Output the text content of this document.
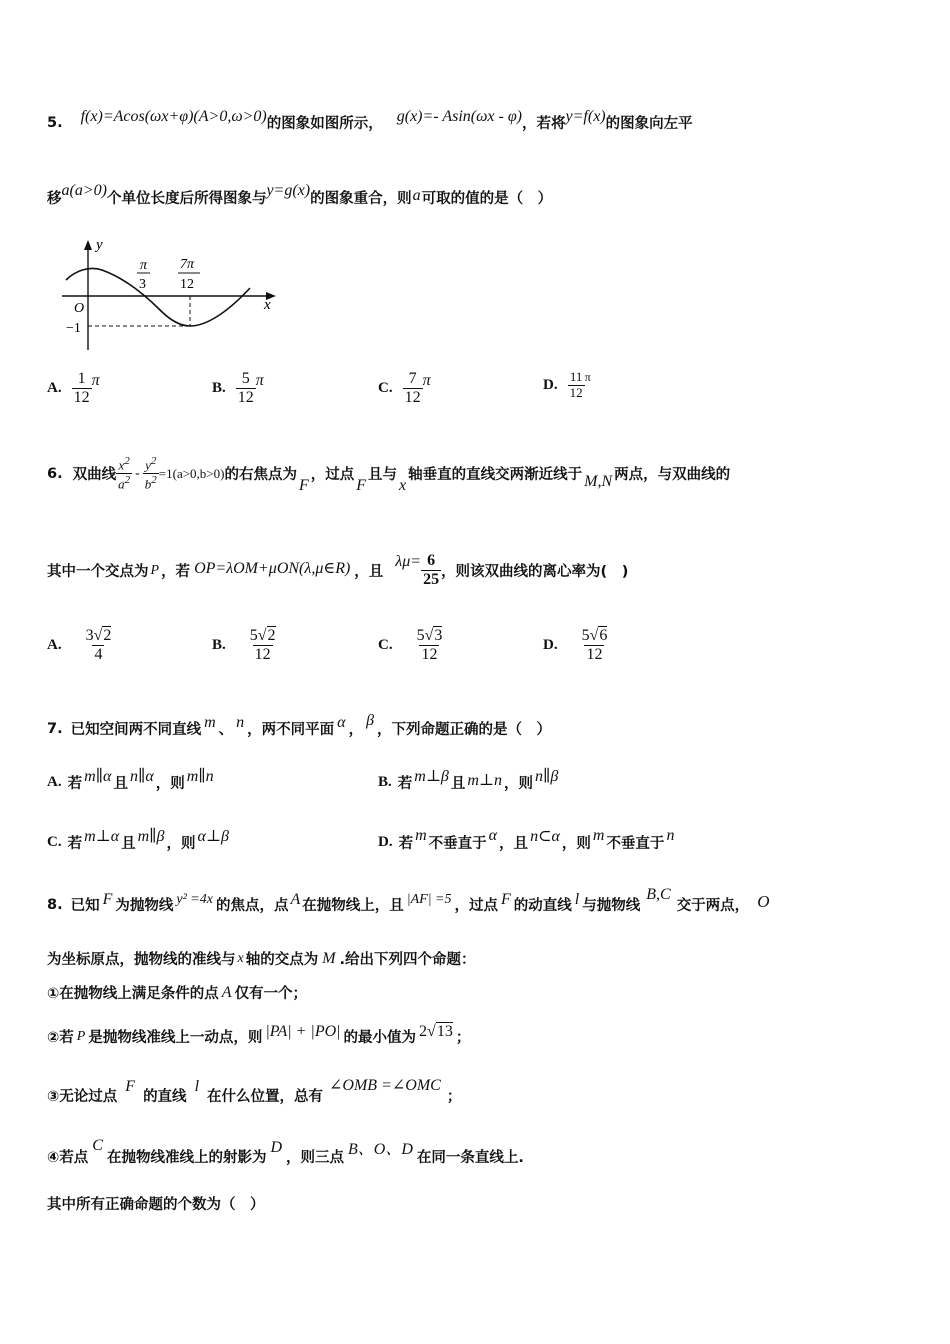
5. f(x)=Acos(ωx+φ)(A>0,ω>0) 的图象如图所示， g(x)=- Asin(ωx - φ) ，若将 y=f(x) 的图象向左平
移
a(a>0)
个单位长度后所得图象与
y=g(x)
的图象重合，则 a 可取的值的是（　）
y
x
O
−1
π
3
7π
12
A. $\frac{1}{12}$ π	B. $\frac{5}{12}$ π	C. $\frac{7}{12}$ π	D. $\frac{11}{12}$ π
6. 双曲线 $\frac{x^2}{a^2} - \frac{y^2}{b^2} =1(a>0,b>0)$ 的右焦点为
F
，过点
F
且与
x
轴垂直的直线交两渐近线于 M,N 两点，与双曲线的
其中一个交点为 P ，若 OP=λOM+μON(λ,μ∈R) ，且
$\lambda\mu= \frac{6}{25}$ ，则该双曲线的离心率为(　)
A. $\frac{3√2}{4}$	B. $\frac{5√2}{12}$	C. $\frac{5√3}{12}$	D. $\frac{5√6}{12}$
7. 已知空间两不同直线 m 、 n ，两不同平面 α ，
β
，下列命题正确的是（　）
A. 若 m∥α 且 n∥α ，则 m∥n	B. 若 m⊥β 且 m⊥n ，则 n∥β
C. 若 m⊥α 且 m∥β ，则 α⊥β	D. 若
m
不垂直于
α
，且 n⊂α ，则
m
不垂直于
n
8. 已知 F 为抛物线 y² =4x 的焦点，点 A 在抛物线上，且 |AF| =5 ，过点 F 的动直线 l 与抛物线
B,C
交于两点， O
为坐标原点，抛物线的准线与 x 轴的交点为 M .给出下列四个命题：
①在抛物线上满足条件的点 A 仅有一个；
②若 P 是抛物线准线上一动点，则 |PA| + |PO| 的最小值为 2√13 ；
③无论过点
F
的直线
l
在什么位置，总有
∠OMB =∠OMC
；
④若点
C
在抛物线准线上的射影为
D
，则三点 B、O、D 在同一条直线上.
其中所有正确命题的个数为（　）
